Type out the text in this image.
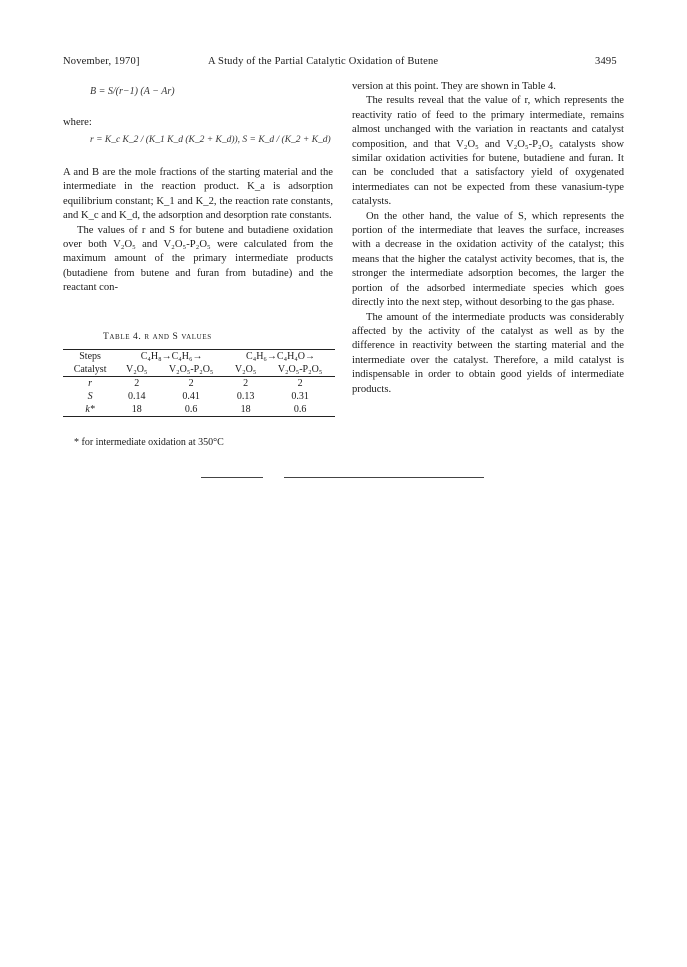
November, 1970]	A Study of the Partial Catalytic Oxidation of Butene	3495
B = S/(r−1) (A − Ar)
where:
r = K_c K_2 / (K_1 K_d (K_2 + K_d)), S = K_d / (K_2 + K_d)

A and B are the mole fractions of the starting material and the intermediate in the reaction product. K_a is adsorption equilibrium constant; K_1 and K_2, the reaction rate constants, and K_c and K_d, the adsorption and desorption rate constants.

The values of r and S for butene and butadiene oxidation over both V₂O₅ and V₂O₅-P₂O₅ were calculated from the maximum amount of the primary intermediate products (butadiene from butene and furan from butadine) and the reactant con-

Table 4. r and S values
Steps	C₄H₈→C₄H₆→		C₄H₆→C₄H₄O→	
Catalyst	V₂O₅	V₂O₅-P₂O₅	V₂O₅	V₂O₅-P₂O₅
r	2	2	2	2
S	0.14	0.41	0.13	0.31
k*	18	0.6	18	0.6
* for intermediate oxidation at 350°C

version at this point. They are shown in Table 4.

The results reveal that the value of r, which represents the reactivity ratio of feed to the primary intermediate, remains almost unchanged with the variation in reactants and catalyst composition, and that V₂O₅ and V₂O₅-P₂O₅ catalysts show similar oxidation activities for butene, butadiene and furan. It can be concluded that a satisfactory yield of oxygenated intermediates can not be expected from these vanasium-type catalysts.

On the other hand, the value of S, which represents the portion of the intermediate that leaves the surface, increases with a decrease in the oxidation activity of the catalyst; this means that the higher the catalyst activity becomes, that is, the stronger the intermediate adsorption becomes, the larger the portion of the adsorbed intermediate species which goes directly into the next step, without desorbing to the gas phase.

The amount of the intermediate products was considerably affected by the activity of the catalyst as well as by the difference in reactivity between the starting material and the intermediate over the catalyst. Therefore, a mild catalyst is indispensable in order to obtain good yields of intermediate products.
